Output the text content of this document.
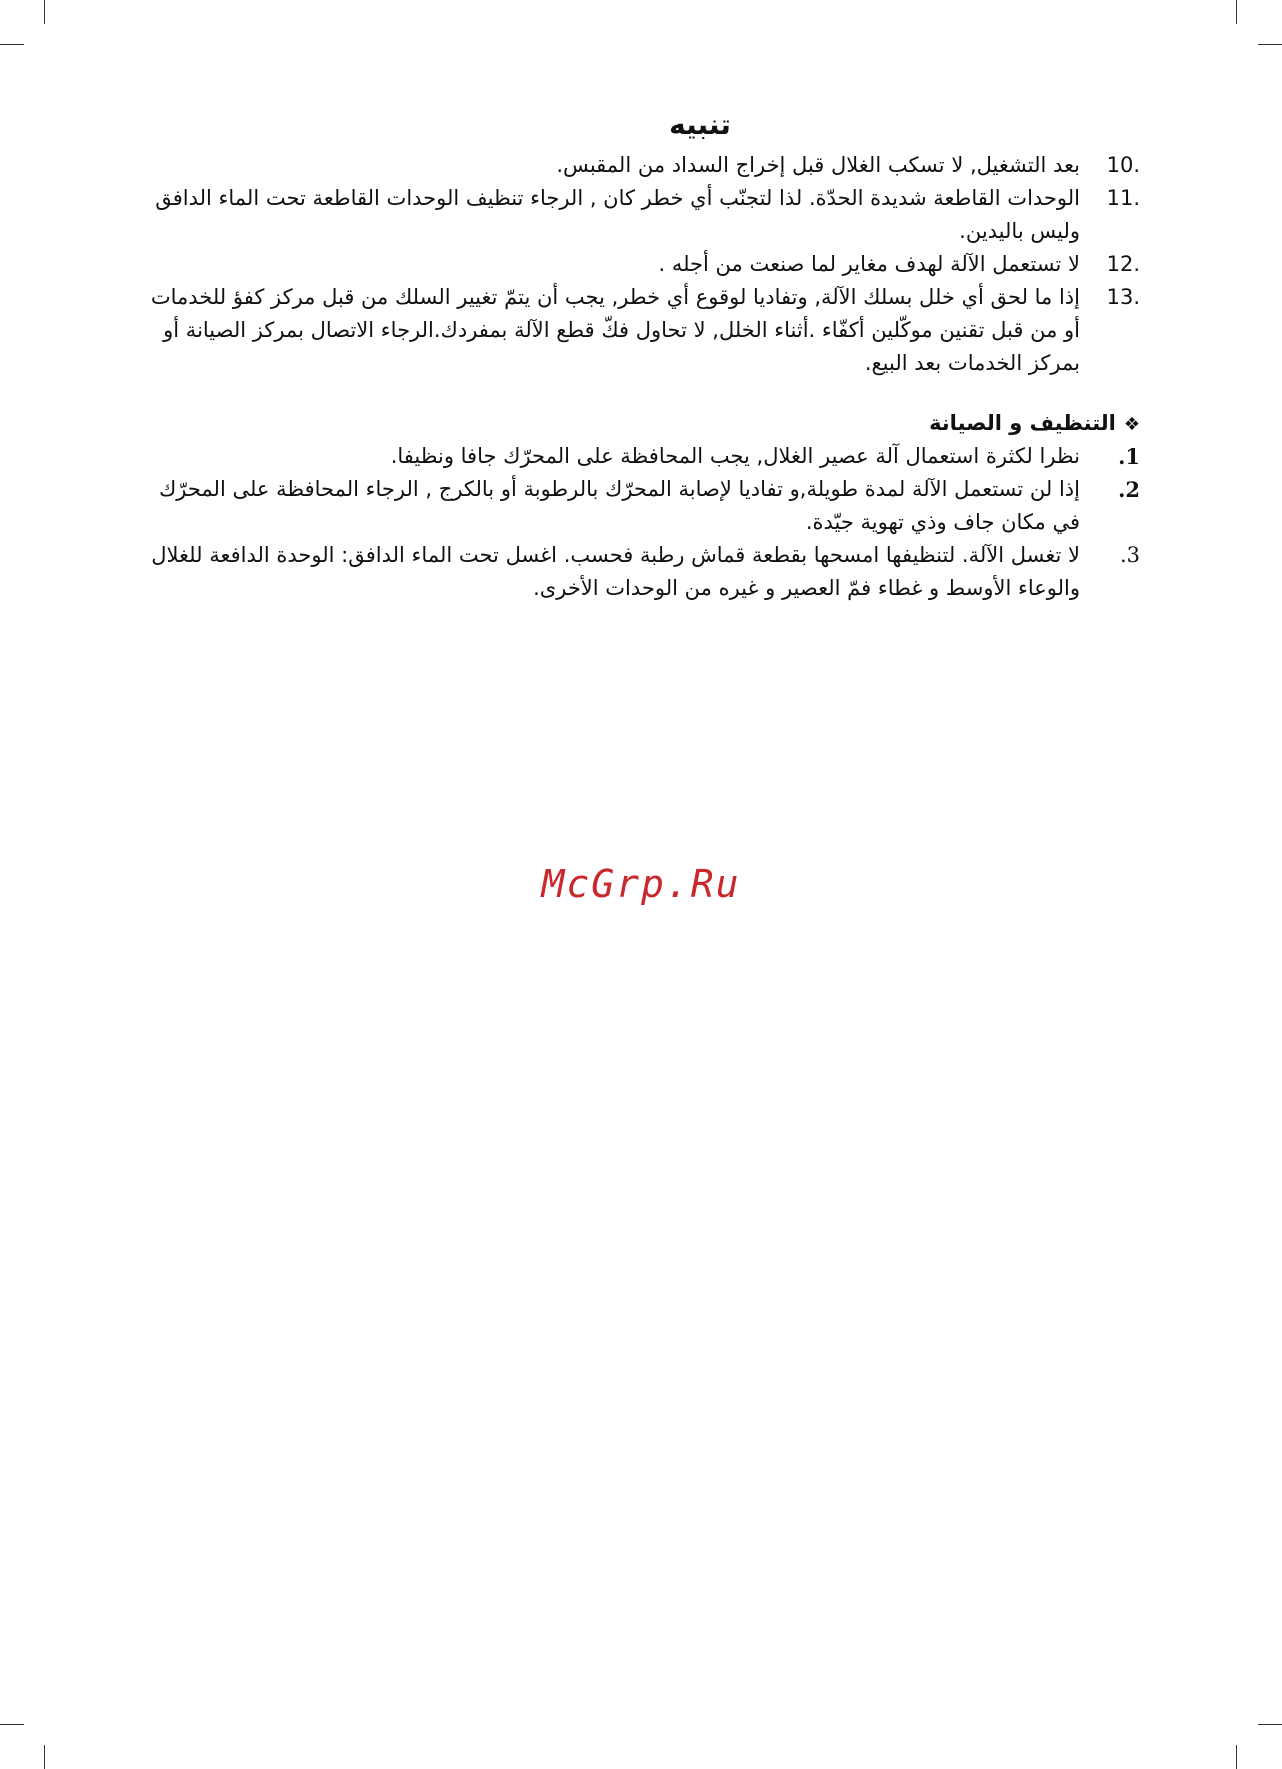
تنبيه
10.
بعد التشغيل, لا تسكب الغلال قبل إخراج السداد من المقبس.
11.
الوحدات القاطعة شديدة الحدّة. لذا لتجنّب أي خطر كان , الرجاء تنظيف الوحدات القاطعة تحت الماء الدافق وليس باليدين.
12.
لا تستعمل الآلة لهدف مغاير لما صنعت من أجله .
13.
إذا ما لحق أي خلل بسلك الآلة, وتفاديا لوقوع أي خطر, يجب أن يتمّ تغيير السلك من قبل مركز كفؤ للخدمات أو من قبل تقنين موكّلين أكفّاء .أثناء الخلل, لا تحاول فكّ قطع الآلة بمفردك.الرجاء الاتصال بمركز الصيانة أو بمركز الخدمات بعد البيع.
❖التنظيف و الصيانة
.1
نظرا لكثرة استعمال آلة عصير الغلال, يجب المحافظة على المحرّك جافا ونظيفا.
.2
إذا لن تستعمل الآلة لمدة طويلة,و تفاديا لإصابة المحرّك بالرطوبة أو بالكرج , الرجاء المحافظة على المحرّك في مكان جاف وذي تهوية جيّدة.
.3
لا تغسل الآلة. لتنظيفها امسحها بقطعة قماش رطبة فحسب. اغسل تحت الماء الدافق: الوحدة الدافعة للغلال والوعاء الأوسط و غطاء فمّ العصير و غيره من الوحدات الأخرى.
McGrp.Ru
